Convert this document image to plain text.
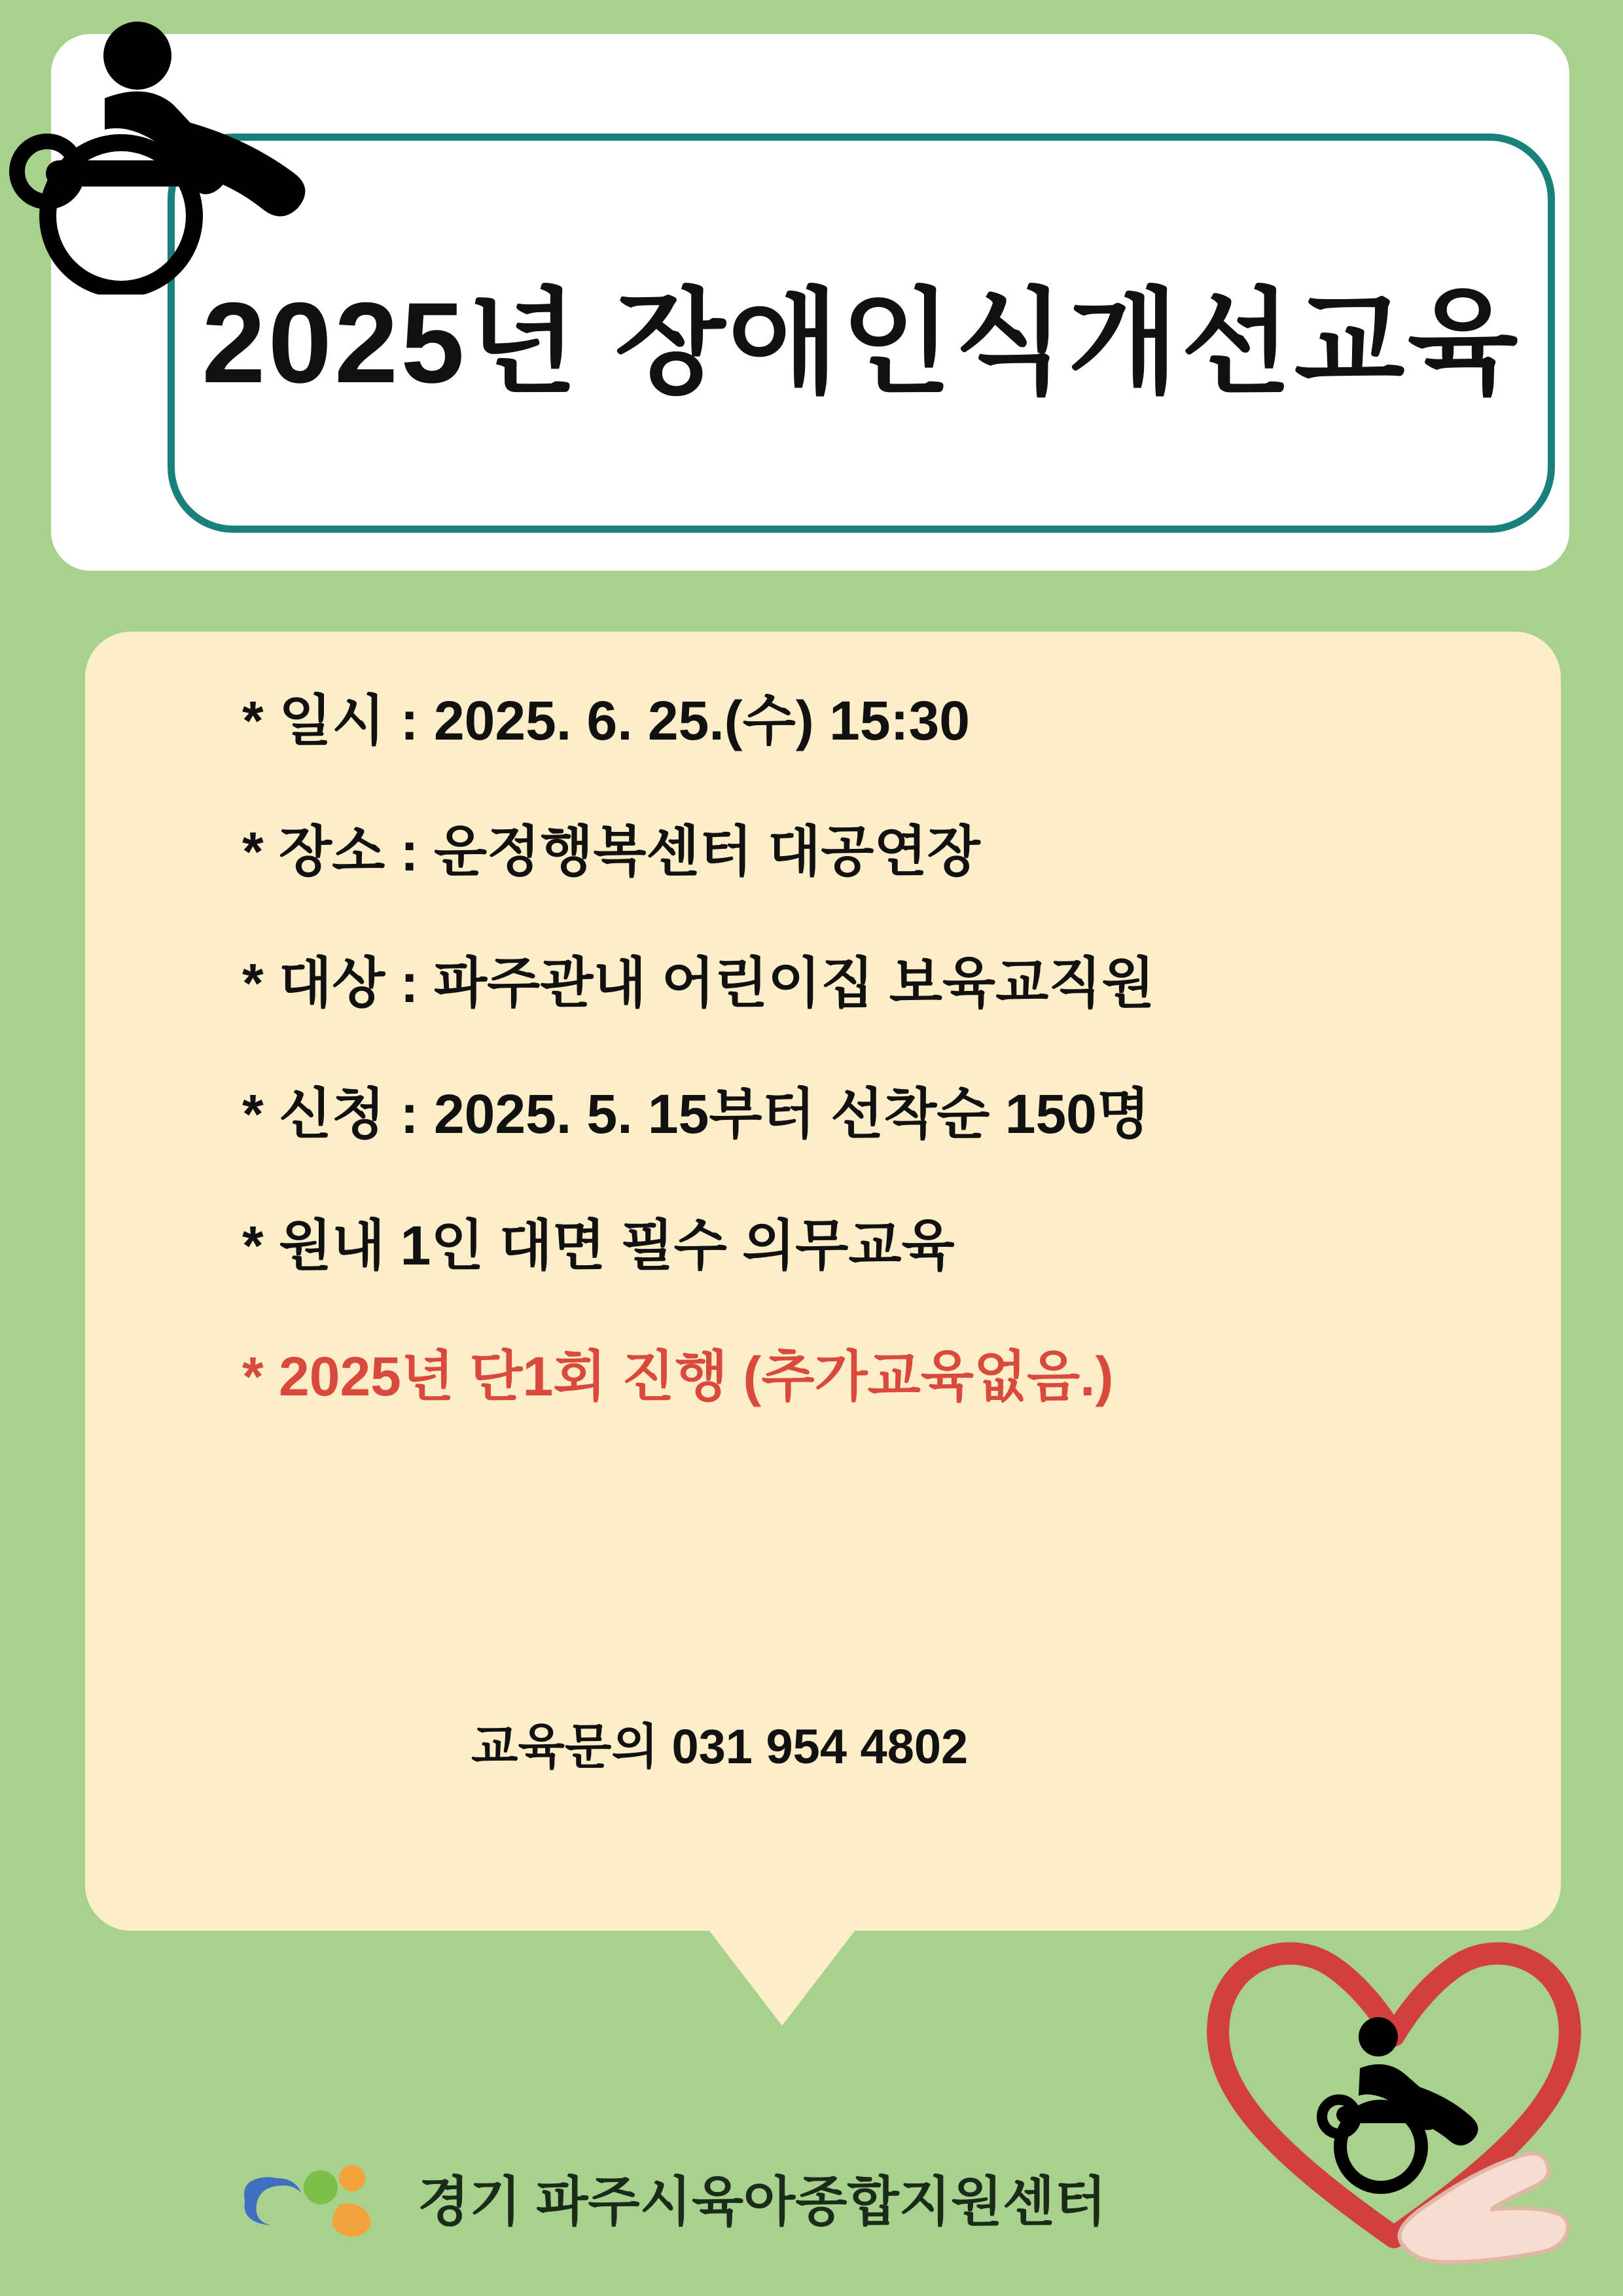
2025년 장애인식개선교육

* 일시 : 2025. 6. 25.(수) 15:30

* 장소 : 운정행복센터 대공연장

* 대상 : 파주관내 어린이집 보육교직원

* 신청 : 2025. 5. 15부터 선착순 150명

* 원내 1인 대면 필수 의무교육

* 2025년 단1회 진행 (추가교육없음.)

교육문의 031 954 4802
경기 파주시육아종합지원센터
